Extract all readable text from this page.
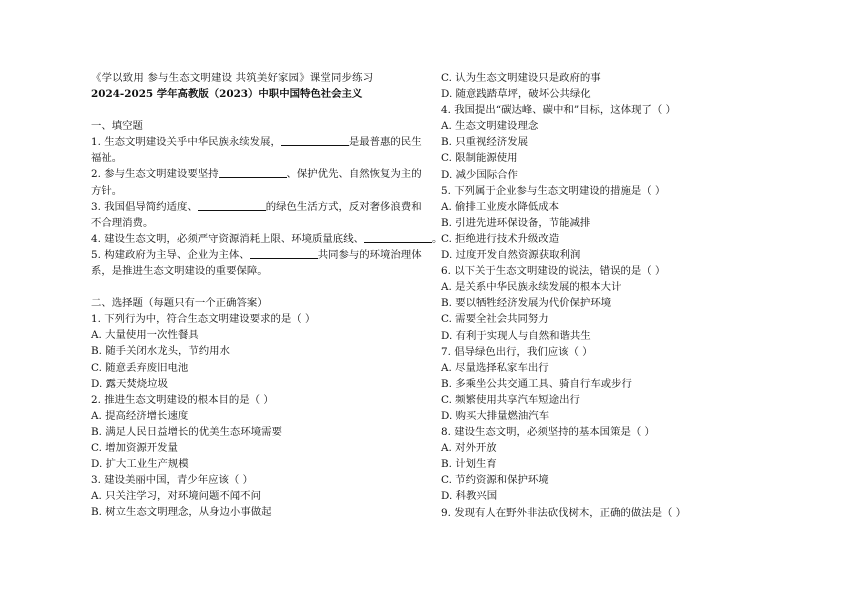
《学以致用 参与生态文明建设 共筑美好家园》课堂同步练习
2024-2025 学年高教版（2023）中职中国特色社会主义
一、填空题
1. 生态文明建设关乎中华民族永续发展，	是最普惠的民生
福祉。
2. 参与生态文明建设要坚持	、保护优先、自然恢复为主的
方针。
3. 我国倡导简约适度、	的绿色生活方式，反对奢侈浪费和
不合理消费。
4. 建设生态文明，必须严守资源消耗上限、环境质量底线、	。
5. 构建政府为主导、企业为主体、	共同参与的环境治理体
系，是推进生态文明建设的重要保障。
二、选择题（每题只有一个正确答案）
1. 下列行为中，符合生态文明建设要求的是（ ）
A. 大量使用一次性餐具
B. 随手关闭水龙头，节约用水
C. 随意丢弃废旧电池
D. 露天焚烧垃圾
2. 推进生态文明建设的根本目的是（ ）
A. 提高经济增长速度
B. 满足人民日益增长的优美生态环境需要
C. 增加资源开发量
D. 扩大工业生产规模
3. 建设美丽中国，青少年应该（ ）
A. 只关注学习，对环境问题不闻不问
B. 树立生态文明理念，从身边小事做起
C. 认为生态文明建设只是政府的事
D. 随意践踏草坪，破坏公共绿化
4. 我国提出“碳达峰、碳中和”目标，这体现了（ ）
A. 生态文明建设理念
B. 只重视经济发展
C. 限制能源使用
D. 减少国际合作
5. 下列属于企业参与生态文明建设的措施是（ ）
A. 偷排工业废水降低成本
B. 引进先进环保设备，节能减排
C. 拒绝进行技术升级改造
D. 过度开发自然资源获取利润
6. 以下关于生态文明建设的说法，错误的是（ ）
A. 是关系中华民族永续发展的根本大计
B. 要以牺牲经济发展为代价保护环境
C. 需要全社会共同努力
D. 有利于实现人与自然和谐共生
7. 倡导绿色出行，我们应该（ ）
A. 尽量选择私家车出行
B. 多乘坐公共交通工具、骑自行车或步行
C. 频繁使用共享汽车短途出行
D. 购买大排量燃油汽车
8. 建设生态文明，必须坚持的基本国策是（ ）
A. 对外开放
B. 计划生育
C. 节约资源和保护环境
D. 科教兴国
9. 发现有人在野外非法砍伐树木，正确的做法是（ ）
